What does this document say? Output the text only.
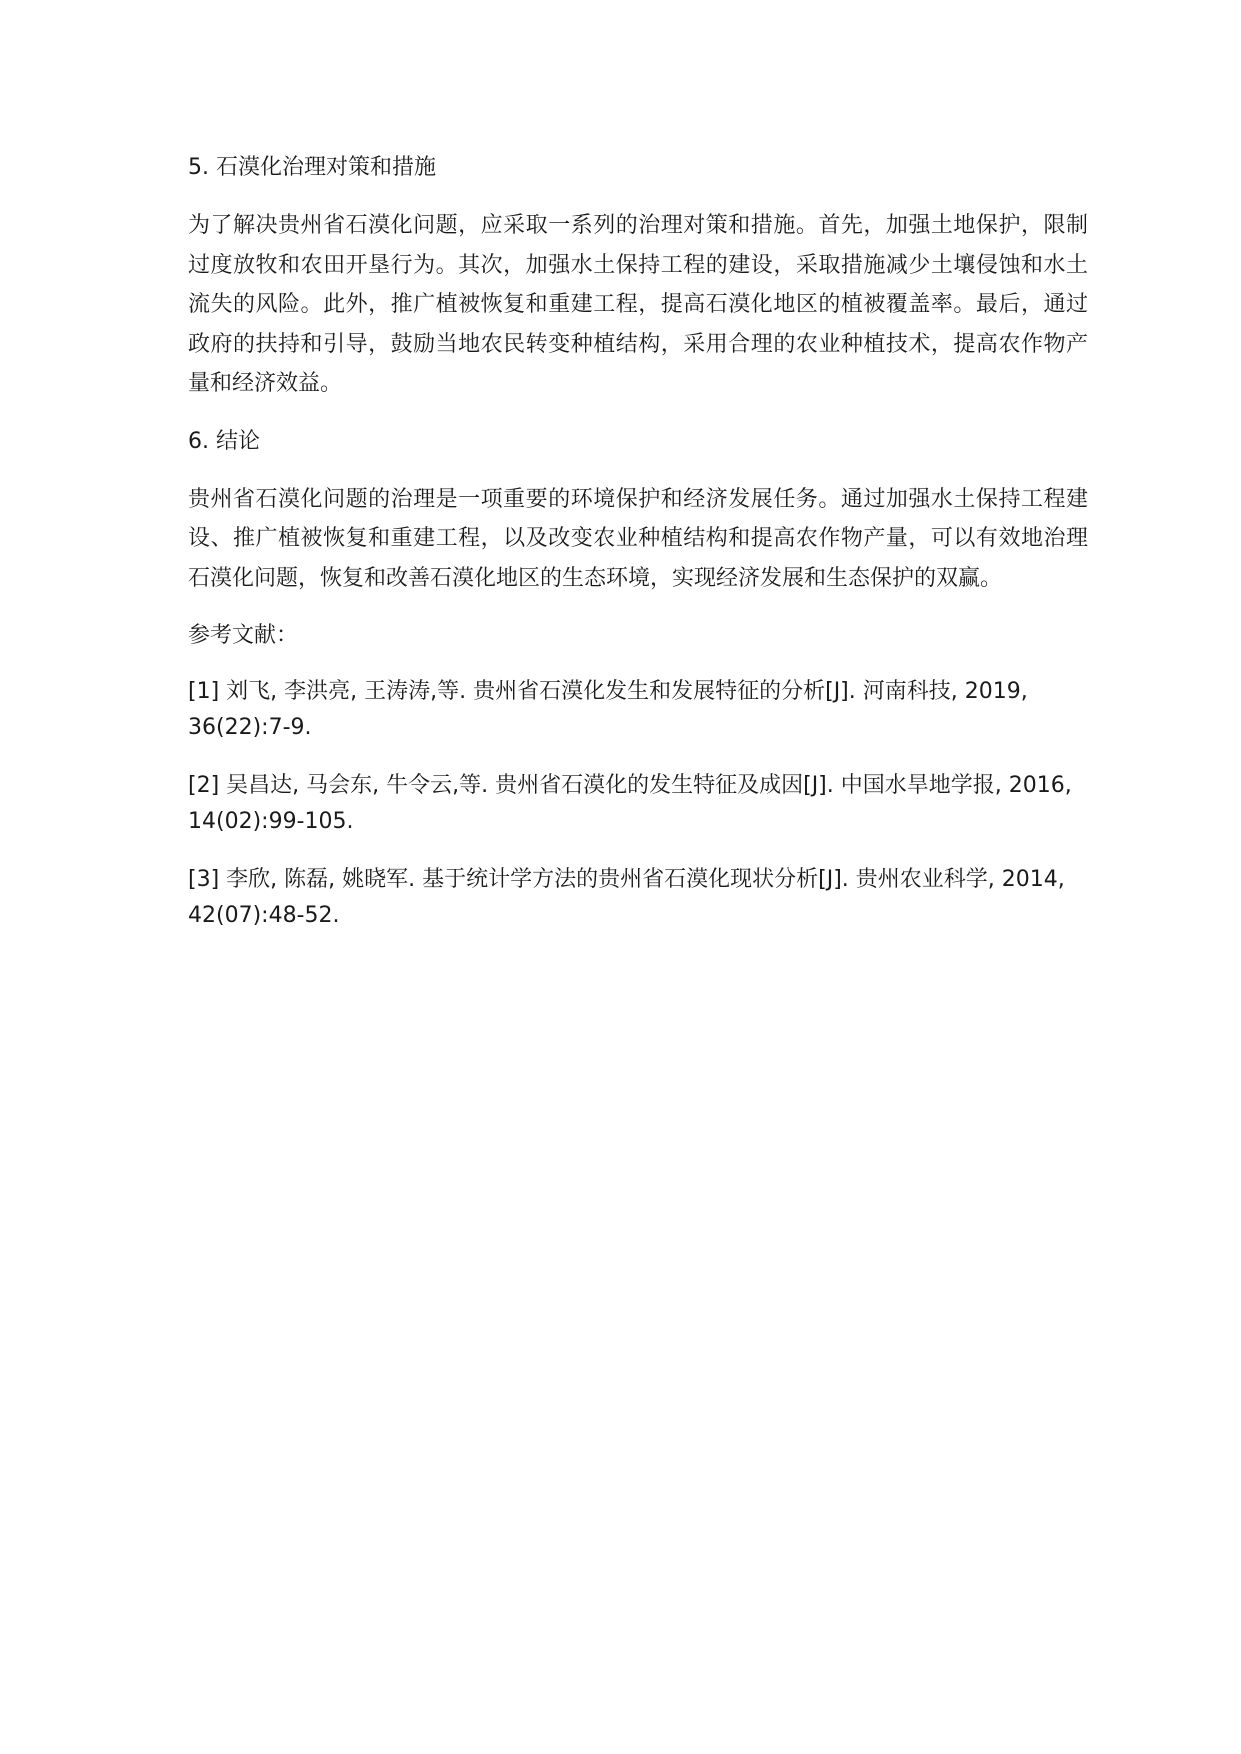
5. 石漠化治理对策和措施

为了解决贵州省石漠化问题，应采取一系列的治理对策和措施。首先，加强土地保护，限制过度放牧和农田开垦行为。其次，加强水土保持工程的建设，采取措施减少土壤侵蚀和水土流失的风险。此外，推广植被恢复和重建工程，提高石漠化地区的植被覆盖率。最后，通过政府的扶持和引导，鼓励当地农民转变种植结构，采用合理的农业种植技术，提高农作物产量和经济效益。

6. 结论

贵州省石漠化问题的治理是一项重要的环境保护和经济发展任务。通过加强水土保持工程建设、推广植被恢复和重建工程，以及改变农业种植结构和提高农作物产量，可以有效地治理石漠化问题，恢复和改善石漠化地区的生态环境，实现经济发展和生态保护的双赢。

参考文献：

[1] 刘飞, 李洪亮, 王涛涛,等. 贵州省石漠化发生和发展特征的分析[J]. 河南科技, 2019, 36(22):7-9.

[2] 吴昌达, 马会东, 牛令云,等. 贵州省石漠化的发生特征及成因[J]. 中国水旱地学报, 2016, 14(02):99-105.

[3] 李欣, 陈磊, 姚晓军. 基于统计学方法的贵州省石漠化现状分析[J]. 贵州农业科学, 2014, 42(07):48-52.
